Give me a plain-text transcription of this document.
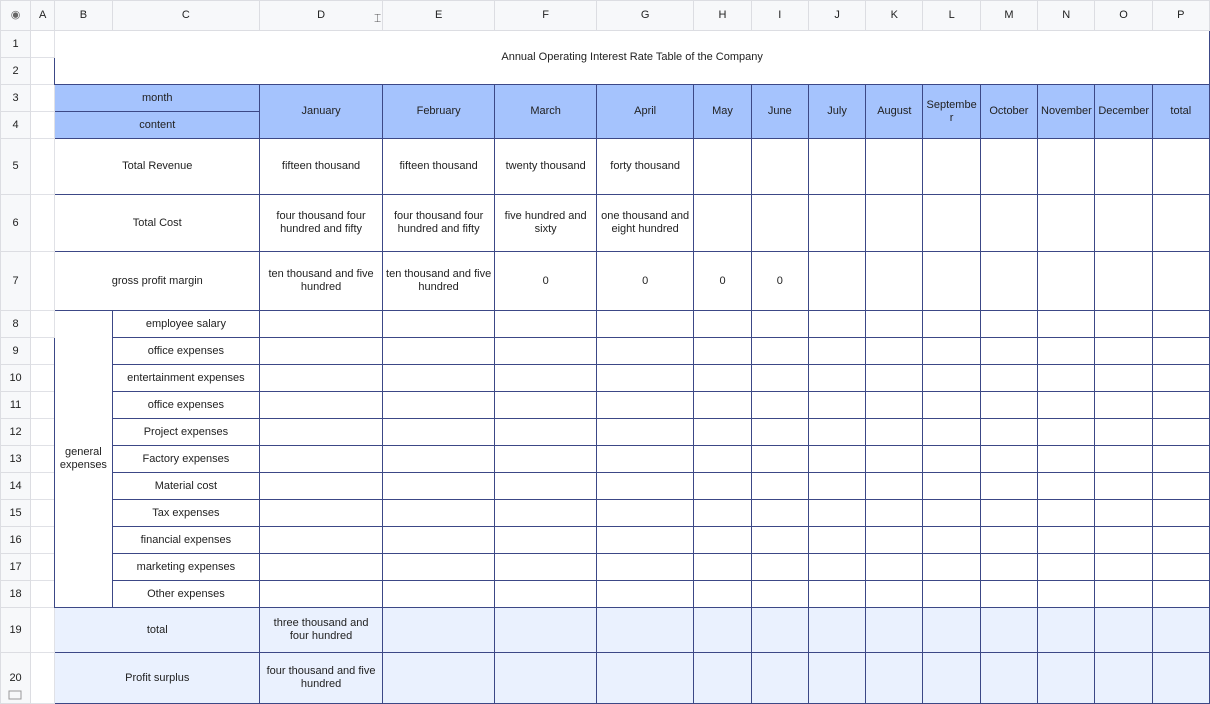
◉	A	B	C	D	E	F	G	H	I	J	K	L	M	N	O	P
1		Annual Operating Interest Rate Table of the Company														
2																
3		month		January	February	March	April	May	June	July	August	Septembe r	October	November	December	total
4		content														
5		Total Revenue		fifteen thousand	fifteen thousand	twenty thousand	forty thousand									
6		Total Cost		four thousand four hundred and fifty	four thousand four hundred and fifty	five hundred and sixty	one thousand and eight hundred									
7		gross profit margin		ten thousand and five hundred	ten thousand and five hundred	0	0	0	0							
8		general expenses	employee salary													
9			office expenses													
10			entertainment expenses													
11			office expenses													
12			Project expenses													
13			Factory expenses													
14			Material cost													
15			Tax expenses													
16			financial expenses													
17			marketing expenses													
18			Other expenses													
19		total		three thousand and four hundred												
20		Profit surplus		four thousand and five hundred												
⌶
